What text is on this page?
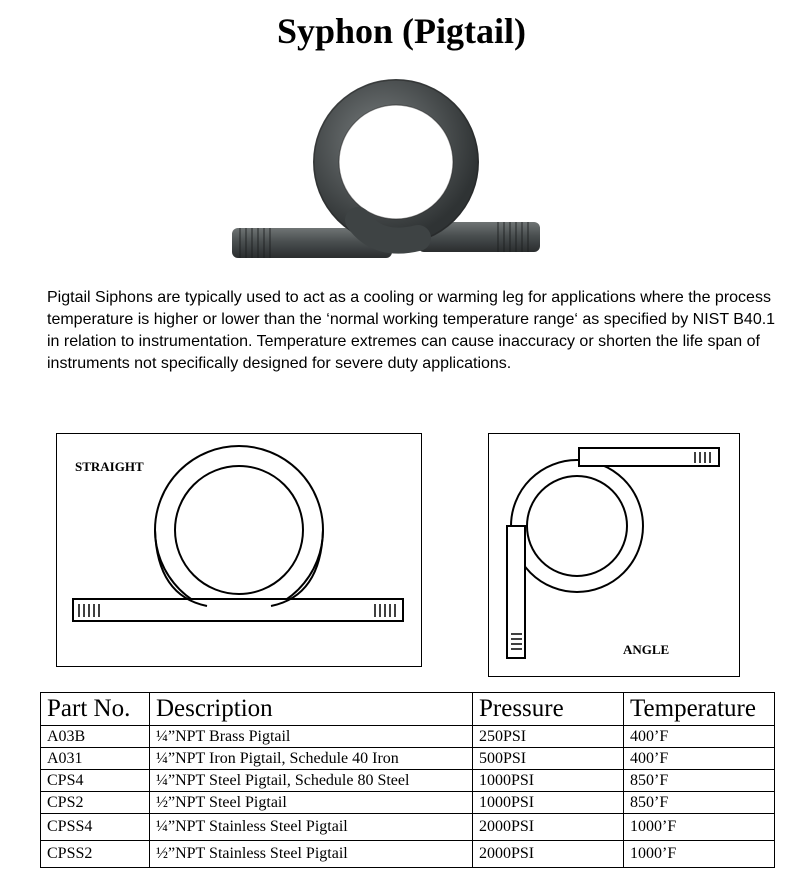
Syphon (Pigtail)
Pigtail Siphons are typically used to act as a cooling or warming leg for applications where the process temperature is higher or lower than the ‘normal working temperature range‘ as specified by NIST B40.1 in relation to instrumentation. Temperature extremes can cause inaccuracy or shorten the life span of instruments not specifically designed for severe duty applications.
STRAIGHT
ANGLE
Part No.	Description	Pressure	Temperature
A03B	¼”NPT Brass Pigtail	250PSI	400’F
A031	¼”NPT Iron Pigtail, Schedule 40 Iron	500PSI	400’F
CPS4	¼”NPT Steel Pigtail, Schedule 80 Steel	1000PSI	850’F
CPS2	½”NPT Steel Pigtail	1000PSI	850’F
CPSS4	¼”NPT Stainless Steel Pigtail	2000PSI	1000’F
CPSS2	½”NPT Stainless Steel Pigtail	2000PSI	1000’F
